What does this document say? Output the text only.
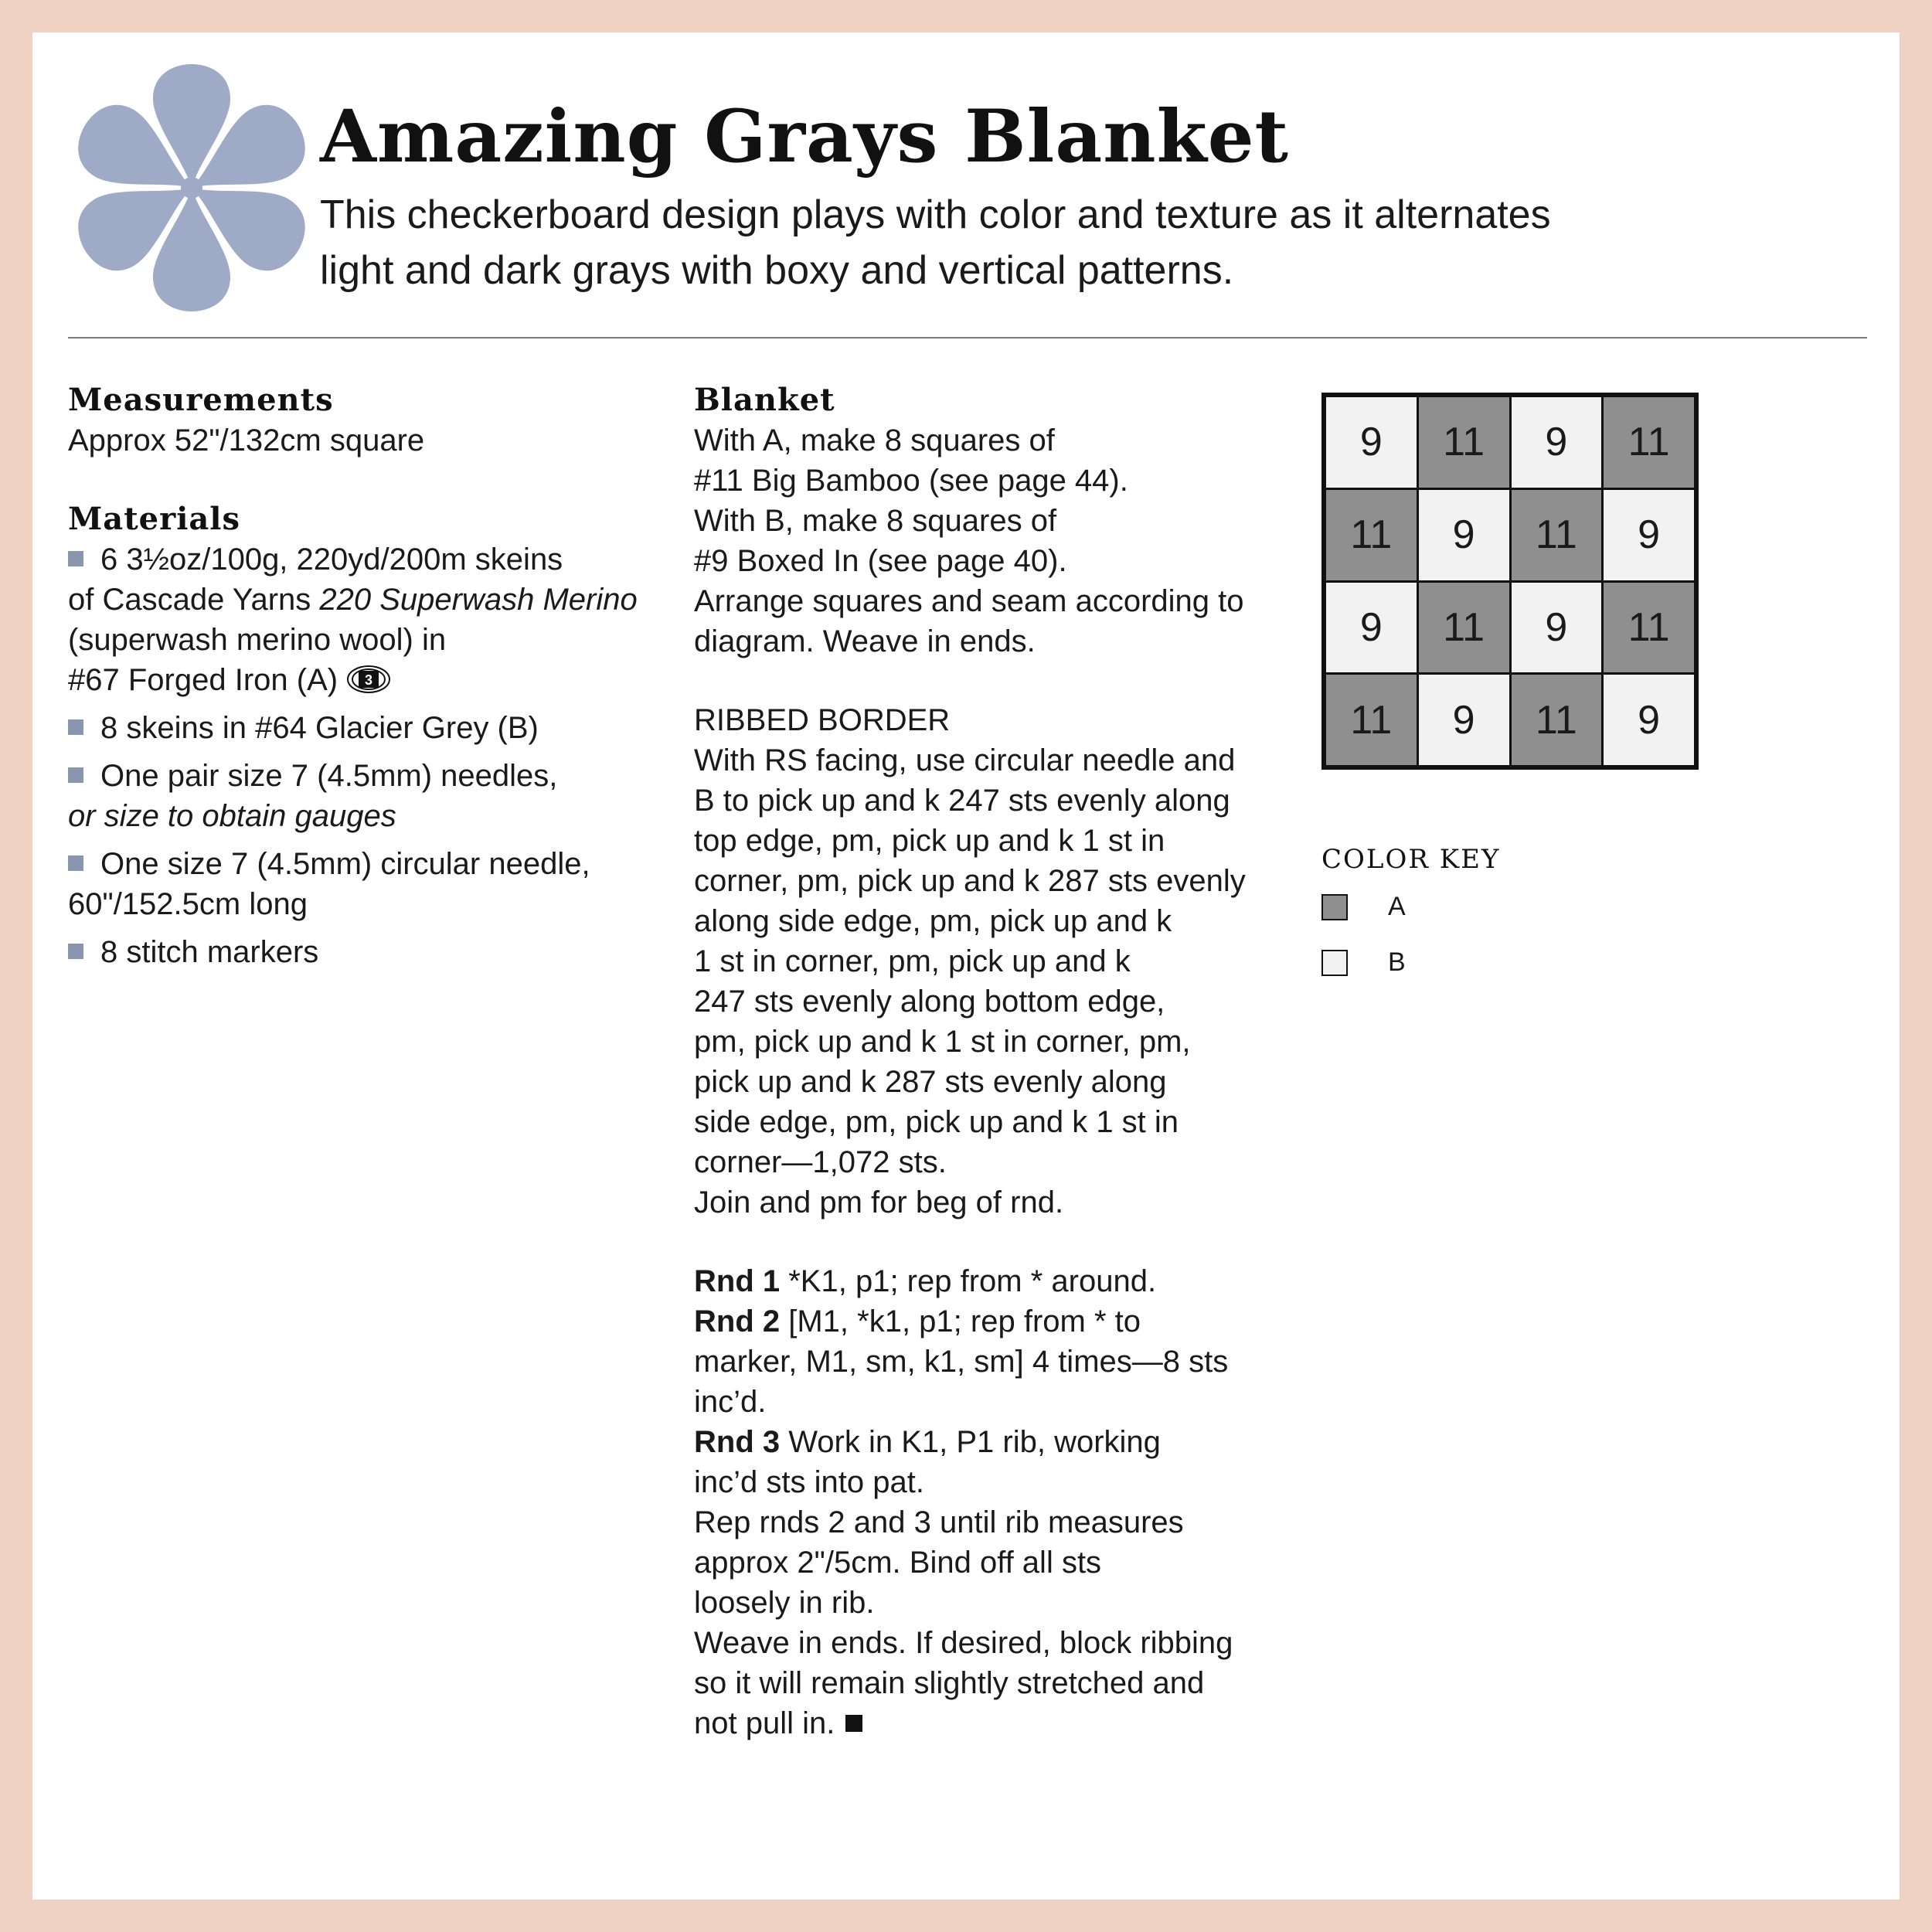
Amazing Grays Blanket
This checkerboard design plays with color and texture as it alternates
light and dark grays with boxy and vertical patterns.
Measurements
Approx 52"/132cm square
Materials
6 3½oz/100g, 220yd/200m skeins
of Cascade Yarns 220 Superwash Merino
(superwash merino wool) in
#67 Forged Iron (A) 3
8 skeins in #64 Glacier Grey (B)
One pair size 7 (4.5mm) needles,
or size to obtain gauges
One size 7 (4.5mm) circular needle,
60"/152.5cm long
8 stitch markers
Blanket
With A, make 8 squares of
#11 Big Bamboo (see page 44).
With B, make 8 squares of
#9 Boxed In (see page 40).
Arrange squares and seam according to
diagram. Weave in ends.
RIBBED BORDER
With RS facing, use circular needle and
B to pick up and k 247 sts evenly along
top edge, pm, pick up and k 1 st in
corner, pm, pick up and k 287 sts evenly
along side edge, pm, pick up and k
1 st in corner, pm, pick up and k
247 sts evenly along bottom edge,
pm, pick up and k 1 st in corner, pm,
pick up and k 287 sts evenly along
side edge, pm, pick up and k 1 st in
corner—1,072 sts.
Join and pm for beg of rnd.
Rnd 1 *K1, p1; rep from * around.
Rnd 2 [M1, *k1, p1; rep from * to
marker, M1, sm, k1, sm] 4 times—8 sts
inc’d.
Rnd 3 Work in K1, P1 rib, working
inc’d sts into pat.
Rep rnds 2 and 3 until rib measures
approx 2"/5cm. Bind off all sts
loosely in rib.
Weave in ends. If desired, block ribbing
so it will remain slightly stretched and
not pull in.
9	11	9	11
11	9	11	9
9	11	9	11
11	9	11	9
COLOR KEY
A
B
